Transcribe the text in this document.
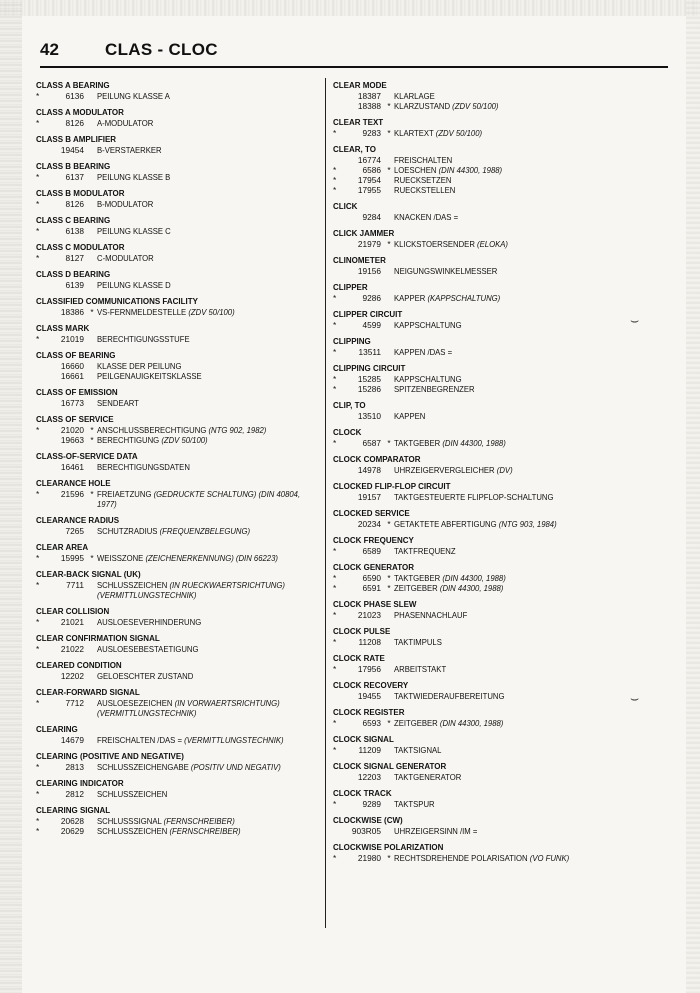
42	CLAS - CLOC
CLASS A BEARING
*	6136	PEILUNG KLASSE A
CLASS A MODULATOR
*	8126	A-MODULATOR
CLASS B AMPLIFIER
19454	B-VERSTAERKER
CLASS B BEARING
*	6137	PEILUNG KLASSE B
CLASS B MODULATOR
*	8126	B-MODULATOR
CLASS C BEARING
*	6138	PEILUNG KLASSE C
CLASS C MODULATOR
*	8127	C-MODULATOR
CLASS D BEARING
6139	PEILUNG KLASSE D
CLASSIFIED COMMUNICATIONS FACILITY
18386 * VS-FERNMELDESTELLE (ZDV 50/100)
CLASS MARK
*	21019	BERECHTIGUNGSSTUFE
CLASS OF BEARING
16660	KLASSE DER PEILUNG
16661	PEILGENAUIGKEITSKLASSE
CLASS OF EMISSION
16773	SENDEART
CLASS OF SERVICE
*	21020 * ANSCHLUSSBERECHTIGUNG (NTG 902, 1982)
19663 * BERECHTIGUNG (ZDV 50/100)
CLASS-OF-SERVICE DATA
16461	BERECHTIGUNGSDATEN
CLEARANCE HOLE
*	21596 * FREIAETZUNG (GEDRUCKTE SCHALTUNG) (DIN 40804, 1977)
CLEARANCE RADIUS
7265	SCHUTZRADIUS (FREQUENZBELEGUNG)
CLEAR AREA
*	15995 * WEISSZONE (ZEICHENERKENNUNG) (DIN 66223)
CLEAR-BACK SIGNAL (UK)
*	7711	SCHLUSSZEICHEN (IN RUECKWAERTSRICHTUNG) (VERMITTLUNGSTECHNIK)
CLEAR COLLISION
*	21021	AUSLOESEVERHINDERUNG
CLEAR CONFIRMATION SIGNAL
*	21022	AUSLOESEBESTAETIGUNG
CLEARED CONDITION
12202	GELOESCHTER ZUSTAND
CLEAR-FORWARD SIGNAL
*	7712	AUSLOESEZEICHEN (IN VORWAERTSRICHTUNG) (VERMITTLUNGSTECHNIK)
CLEARING
14679	FREISCHALTEN /DAS = (VERMITTLUNGSTECHNIK)
CLEARING (POSITIVE AND NEGATIVE)
*	2813	SCHLUSSZEICHENGABE (POSITIV UND NEGATIV)
CLEARING INDICATOR
*	2812	SCHLUSSZEICHEN
CLEARING SIGNAL
*	20628	SCHLUSSSIGNAL (FERNSCHREIBER)
*	20629	SCHLUSSZEICHEN (FERNSCHREIBER)
CLEAR MODE
18387	KLARLAGE
18388 * KLARZUSTAND (ZDV 50/100)
CLEAR TEXT
*	9283 * KLARTEXT (ZDV 50/100)
CLEAR, TO
16774	FREISCHALTEN
*	6586 * LOESCHEN (DIN 44300, 1988)
*	17954	RUECKSETZEN
*	17955	RUECKSTELLEN
CLICK
9284	KNACKEN /DAS =
CLICK JAMMER
21979 * KLICKSTOERSENDER (ELOKA)
CLINOMETER
19156	NEIGUNGSWINKELMESSER
CLIPPER
*	9286	KAPPER (KAPPSCHALTUNG)
CLIPPER CIRCUIT
*	4599	KAPPSCHALTUNG
CLIPPING
*	13511	KAPPEN /DAS =
CLIPPING CIRCUIT
*	15285	KAPPSCHALTUNG
*	15286	SPITZENBEGRENZER
CLIP, TO
13510	KAPPEN
CLOCK
*	6587 * TAKTGEBER (DIN 44300, 1988)
CLOCK COMPARATOR
14978	UHRZEIGERVERGLEICHER (DV)
CLOCKED FLIP-FLOP CIRCUIT
19157	TAKTGESTEUERTE FLIPFLOP-SCHALTUNG
CLOCKED SERVICE
20234 * GETAKTETE ABFERTIGUNG (NTG 903, 1984)
CLOCK FREQUENCY
*	6589	TAKTFREQUENZ
CLOCK GENERATOR
*	6590 * TAKTGEBER (DIN 44300, 1988)
*	6591 * ZEITGEBER (DIN 44300, 1988)
CLOCK PHASE SLEW
*	21023	PHASENNACHLAUF
CLOCK PULSE
*	11208	TAKTIMPULS
CLOCK RATE
*	17956	ARBEITSTAKT
CLOCK RECOVERY
19455	TAKTWIEDERAUFBEREITUNG
CLOCK REGISTER
*	6593 * ZEITGEBER (DIN 44300, 1988)
CLOCK SIGNAL
*	11209	TAKTSIGNAL
CLOCK SIGNAL GENERATOR
12203	TAKTGENERATOR
CLOCK TRACK
*	9289	TAKTSPUR
CLOCKWISE (CW)
903R05	UHRZEIGERSINN /IM =
CLOCKWISE POLARIZATION
*	21980 * RECHTSDREHENDE POLARISATION (VO FUNK)
⌣
⌣
